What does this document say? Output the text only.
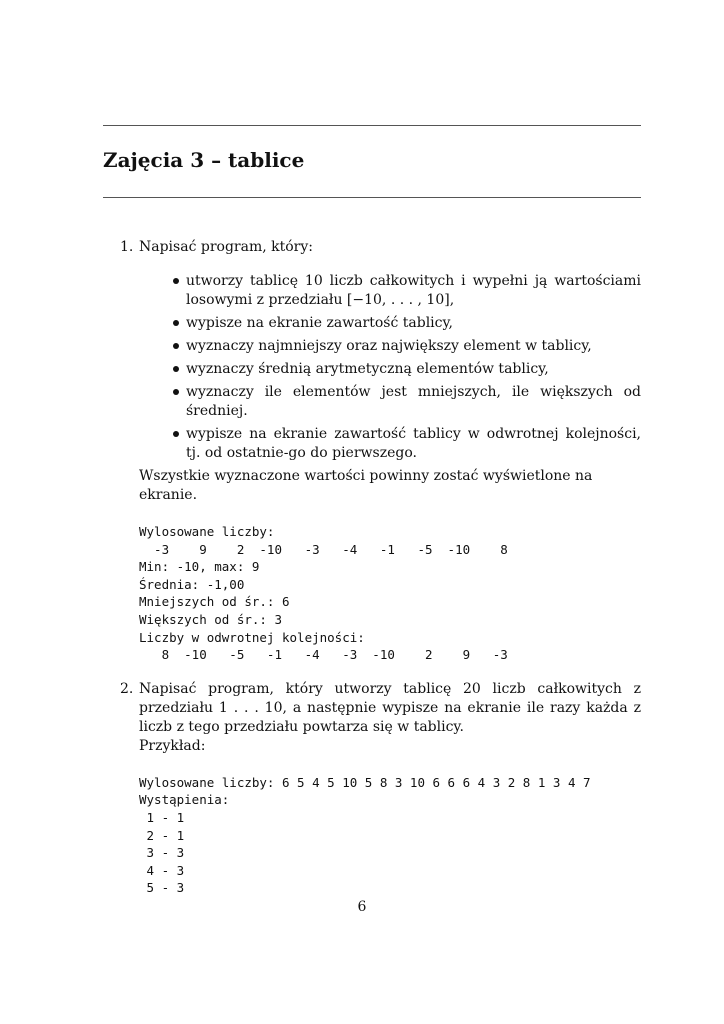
Zajęcia 3 – tablice
1. Napisać program, który:

utworzy tablicę 10 liczb całkowitych i wypełni ją wartościami losowymi z przedziału [−10, . . . , 10],
wypisze na ekranie zawartość tablicy,
wyznaczy najmniejszy oraz największy element w tablicy,
wyznaczy średnią arytmetyczną elementów tablicy,
wyznaczy ile elementów jest mniejszych, ile większych od średniej.
wypisze na ekranie zawartość tablicy w odwrotnej kolejności, tj. od ostatnie-go do pierwszego.

Wszystkie wyznaczone wartości powinny zostać wyświetlone na ekranie.

Wylosowane liczby:
-3    9    2  -10   -3   -4   -1   -5  -10    8
Min: -10, max: 9
Średnia: -1,00
Mniejszych od śr.: 6
Większych od śr.: 3
Liczby w odwrotnej kolejności:
8  -10   -5   -1   -4   -3  -10    2    9   -3
2. Napisać program, który utworzy tablicę 20 liczb całkowitych z przedziału 1 . . . 10, a następnie wypisze na ekranie ile razy każda z liczb z tego przedziału powtarza się w tablicy.

Przykład:

Wylosowane liczby: 6 5 4 5 10 5 8 3 10 6 6 6 4 3 2 8 1 3 4 7
Wystąpienia:
1 - 1
2 - 1
3 - 3
4 - 3
5 - 3
6
